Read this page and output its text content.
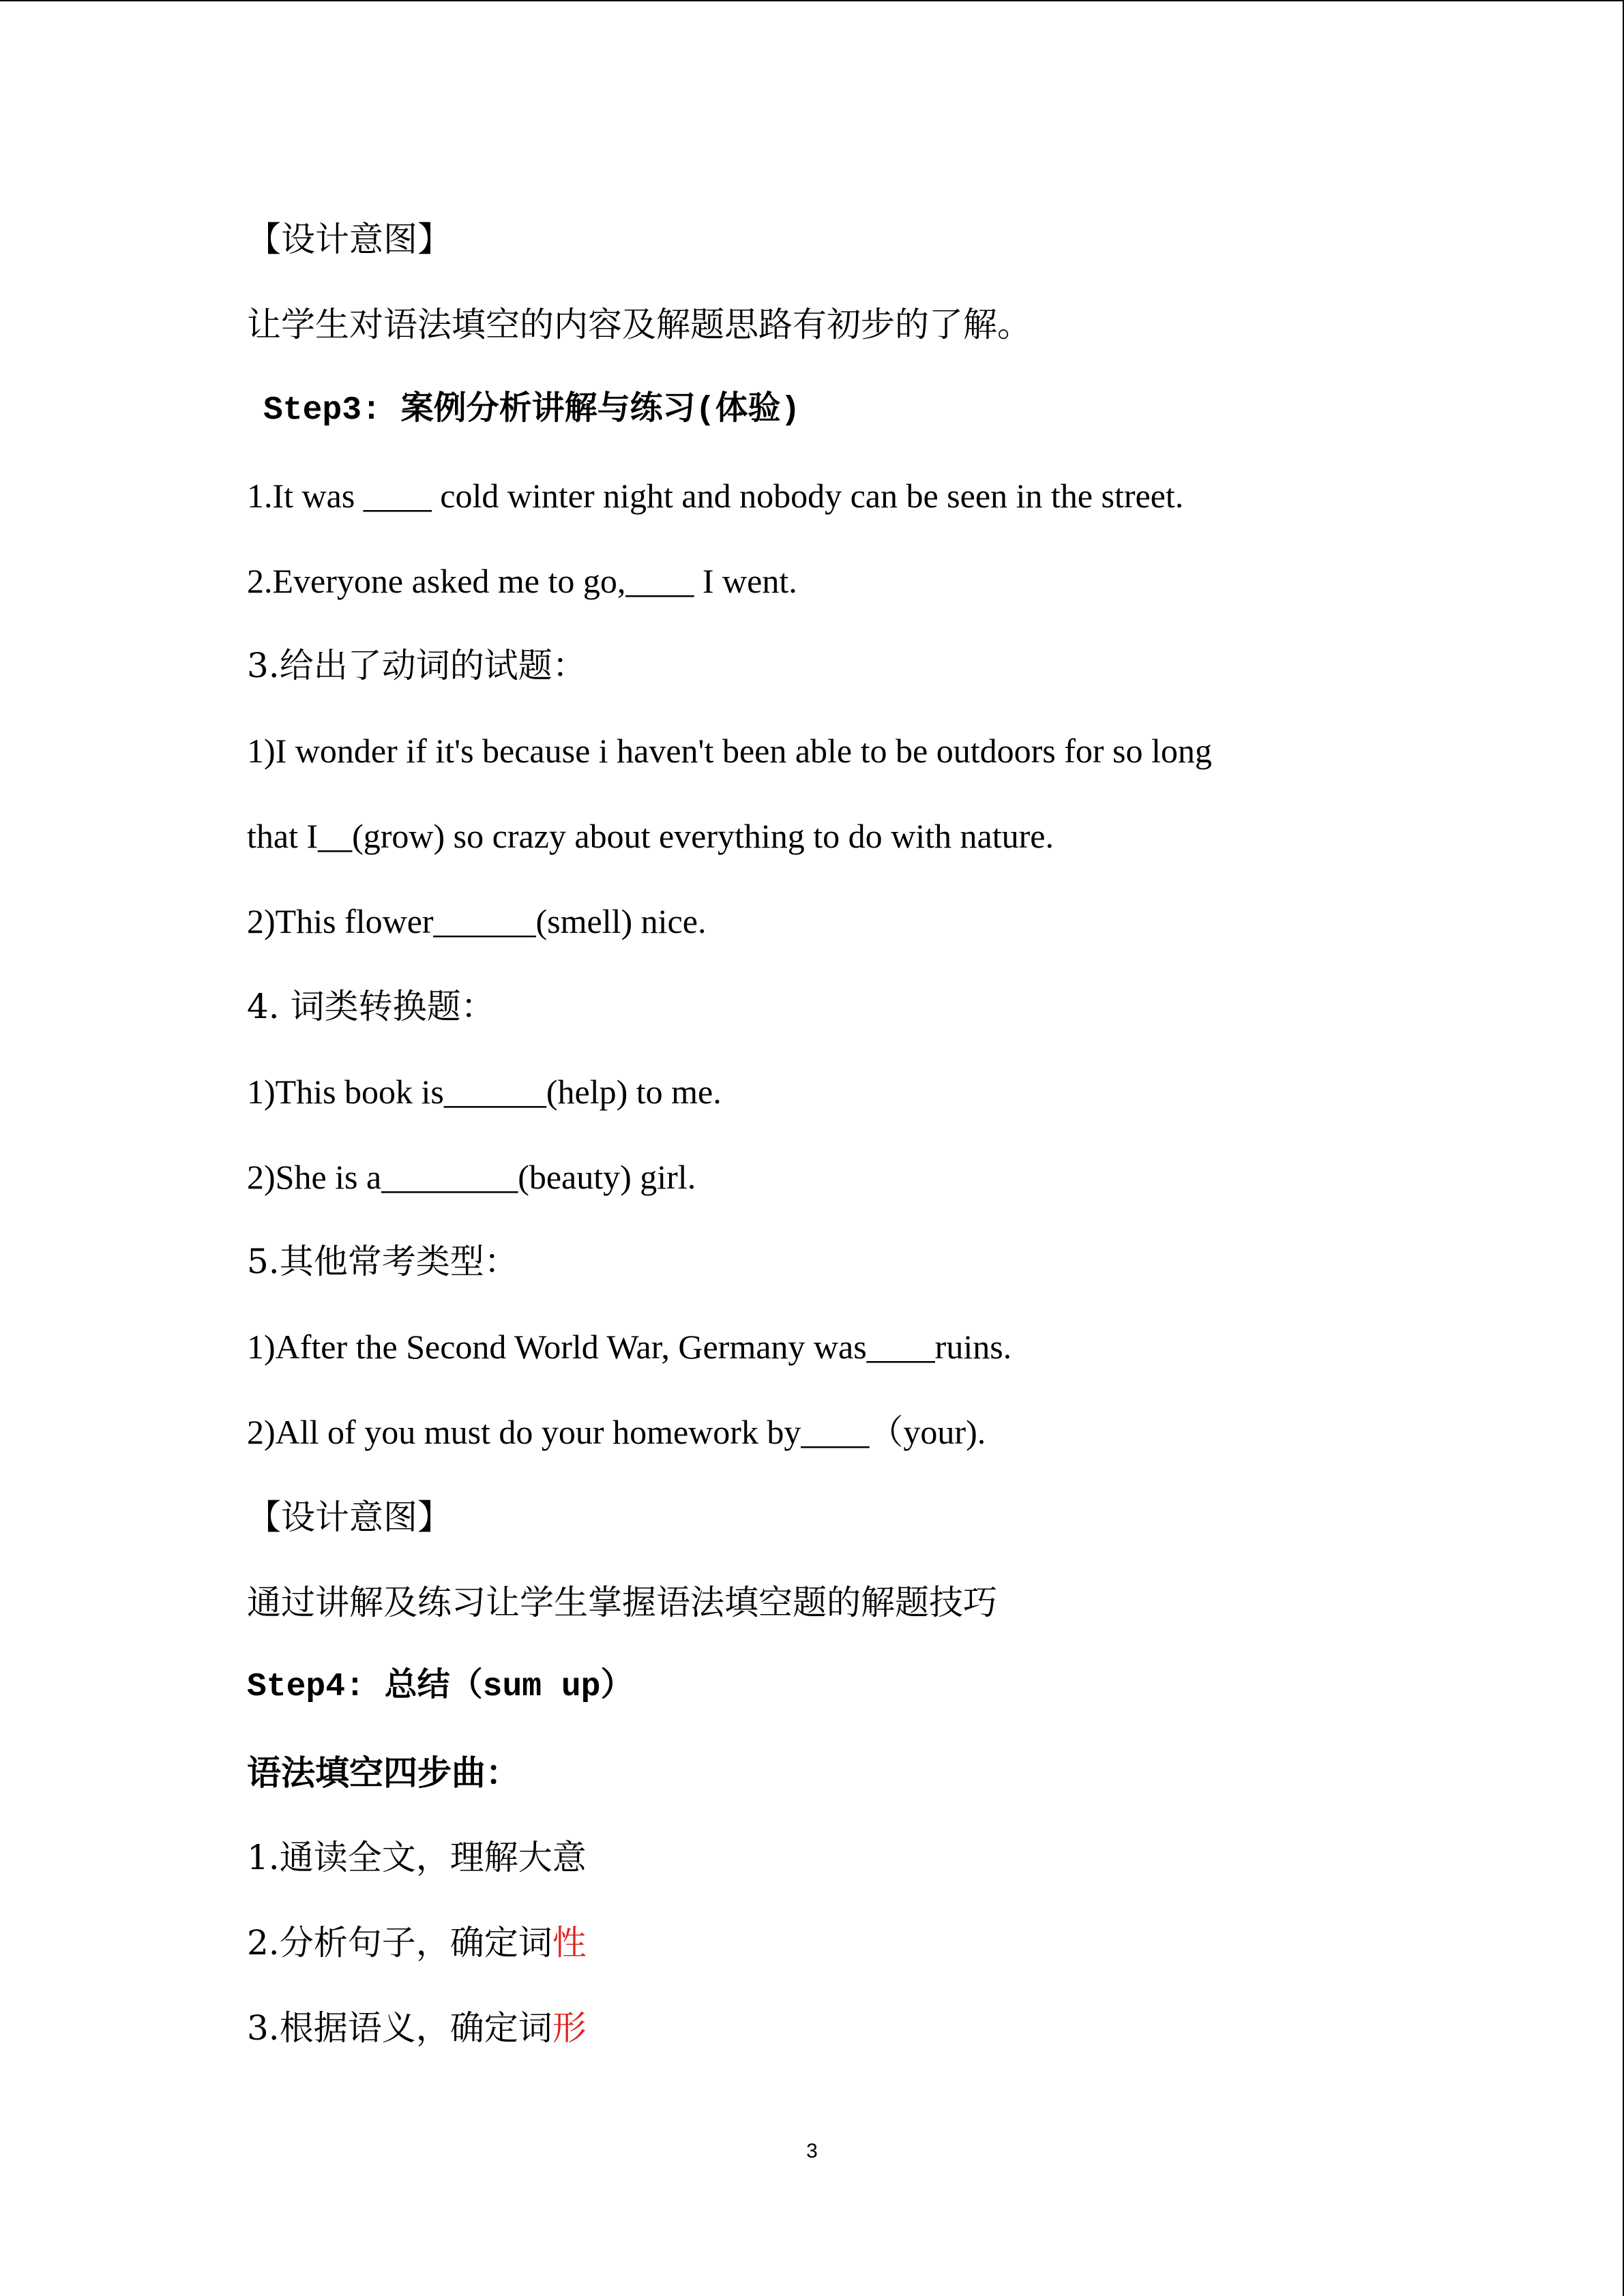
【设计意图】
让学生对语法填空的内容及解题思路有初步的了解。
Step3: 案例分析讲解与练习(体验)
1.It was ____ cold winter night and nobody can be seen in the street.
2.Everyone asked me to go,____ I went.
3.给出了动词的试题：
1)I wonder if it's because i haven't been able to be outdoors for so long
that I__(grow) so crazy about everything to do with nature.
2)This flower______(smell) nice.
4. 词类转换题：
1)This book is______(help) to me.
2)She is a________(beauty) girl.
5.其他常考类型：
1)After the Second World War, Germany was____ruins.
2)All of you must do your homework by____（your).
【设计意图】
通过讲解及练习让学生掌握语法填空题的解题技巧
Step4: 总结（sum up）
语法填空四步曲：
1.通读全文，理解大意
2.分析句子，确定词性
3.根据语义，确定词形
3
